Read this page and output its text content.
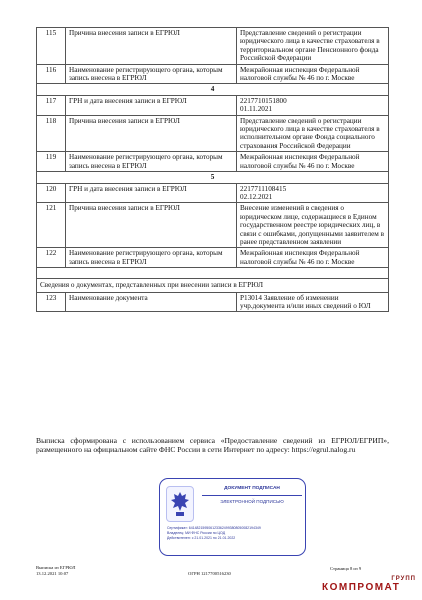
115	Причина внесения записи в ЕГРЮЛ	Представление сведений о регистрации юридического лица в качестве страхователя в территориальном органе Пенсионного фонда Российской Федерации
116	Наименование регистрирующего органа, которым запись внесена в ЕГРЮЛ	Межрайонная инспекция Федеральной налоговой службы № 46 по г. Москве
4		
117	ГРН и дата внесения записи в ЕГРЮЛ	2217710151800
01.11.2021
118	Причина внесения записи в ЕГРЮЛ	Представление сведений о регистрации юридического лица в качестве страхователя в исполнительном органе Фонда социального страхования Российской Федерации
119	Наименование регистрирующего органа, которым запись внесена в ЕГРЮЛ	Межрайонная инспекция Федеральной налоговой службы № 46 по г. Москве
5		
120	ГРН и дата внесения записи в ЕГРЮЛ	2217711108415
02.12.2021
121	Причина внесения записи в ЕГРЮЛ	Внесение изменений в сведения о юридическом лице, содержащиеся в Едином государственном реестре юридических лиц, в связи с ошибками, допущенными заявителем в ранее представленном заявлении
122	Наименование регистрирующего органа, которым запись внесена в ЕГРЮЛ	Межрайонная инспекция Федеральной налоговой службы № 46 по г. Москве

Сведения о документах, представленных при внесении записи в ЕГРЮЛ		
123	Наименование документа	Р13014 Заявление об изменении учр.документа и/или иных сведений о ЮЛ
Выписка сформирована с использованием сервиса «Предоставление сведений из ЕГРЮЛ/ЕГРИП», размещенного на официальном сайте ФНС России в сети Интернет по адресу: https://egrul.nalog.ru
ДОКУМЕНТ ПОДПИСАН
ЭЛЕКТРОННОЙ ПОДПИСЬЮ
Сертификат: 6414821595061233624993808050082194349
Владелец: МИ ФНС России по ЦОД
Действителен: с 21.01.2021 по 21.01.2022
Выписка из ЕГРЮЛ
13.12.2021 10:07	ОГРН 1217700516230
Страница 8 из 9
ГРУПП
КОМПРОМАТ
